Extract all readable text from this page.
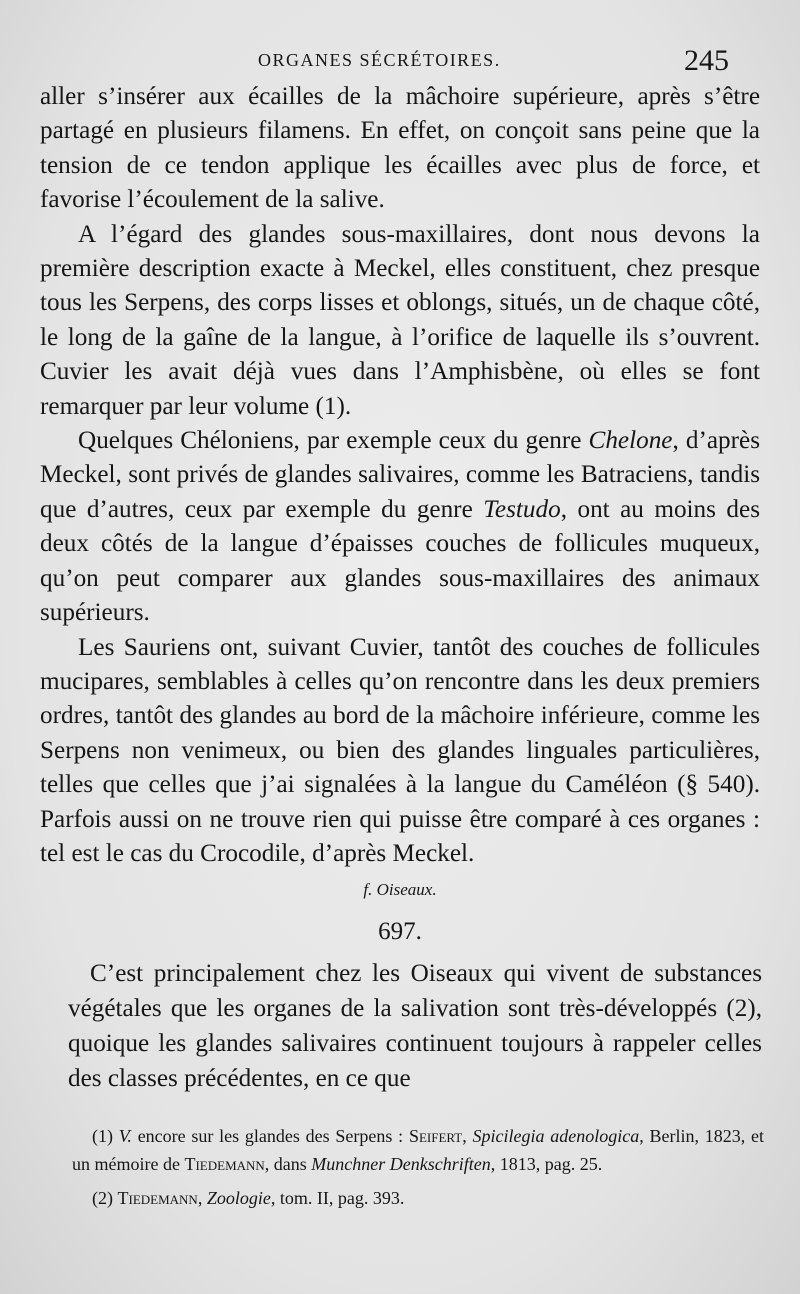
ORGANES SÉCRÉTOIRES.	245

aller s’insérer aux écailles de la mâchoire supérieure, après s’être partagé en plusieurs filamens. En effet, on conçoit sans peine que la tension de ce tendon applique les écailles avec plus de force, et favorise l’écoulement de la salive.

A l’égard des glandes sous-maxillaires, dont nous devons la première description exacte à Meckel, elles constituent, chez presque tous les Serpens, des corps lisses et oblongs, situés, un de chaque côté, le long de la gaîne de la langue, à l’orifice de laquelle ils s’ouvrent. Cuvier les avait déjà vues dans l’Amphisbène, où elles se font remarquer par leur volume (1).

Quelques Chéloniens, par exemple ceux du genre Chelone, d’après Meckel, sont privés de glandes salivaires, comme les Batraciens, tandis que d’autres, ceux par exemple du genre Testudo, ont au moins des deux côtés de la langue d’épaisses couches de follicules muqueux, qu’on peut comparer aux glandes sous-maxillaires des animaux supérieurs.

Les Sauriens ont, suivant Cuvier, tantôt des couches de follicules mucipares, semblables à celles qu’on rencontre dans les deux premiers ordres, tantôt des glandes au bord de la mâchoire inférieure, comme les Serpens non venimeux, ou bien des glandes linguales particulières, telles que celles que j’ai signalées à la langue du Caméléon (§ 540). Parfois aussi on ne trouve rien qui puisse être comparé à ces organes : tel est le cas du Crocodile, d’après Meckel.

f. Oiseaux.
697.

C’est principalement chez les Oiseaux qui vivent de substances végétales que les organes de la salivation sont très-développés (2), quoique les glandes salivaires continuent toujours à rappeler celles des classes précédentes, en ce que

(1) V. encore sur les glandes des Serpens : Seifert, Spicilegia adenologica, Berlin, 1823, et un mémoire de Tiedemann, dans Munchner Denkschriften, 1813, pag. 25.

(2) Tiedemann, Zoologie, tom. II, pag. 393.
